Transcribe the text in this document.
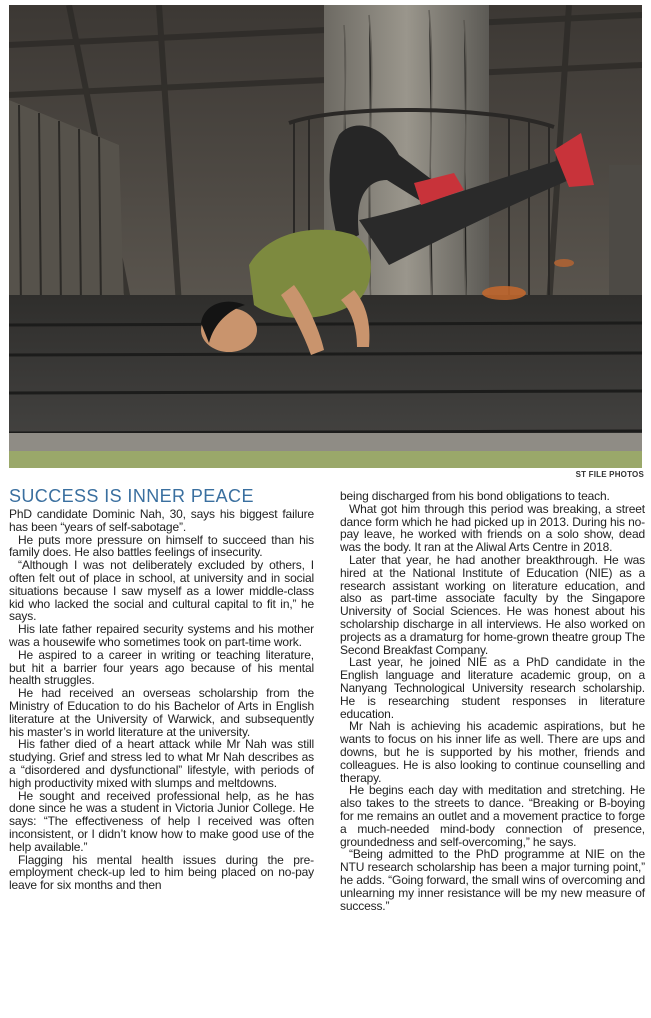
ST FILE PHOTOS
SUCCESS IS INNER PEACE

PhD candidate Dominic Nah, 30, says his biggest failure has been “years of self-sabotage”.

He puts more pressure on himself to succeed than his family does. He also battles feelings of insecurity.

“Although I was not deliberately excluded by others, I often felt out of place in school, at university and in social situations because I saw myself as a lower middle-class kid who lacked the social and cultural capital to fit in,” he says.

His late father repaired security systems and his mother was a housewife who sometimes took on part-time work.

He aspired to a career in writing or teaching literature, but hit a barrier four years ago because of his mental health struggles.

He had received an overseas scholarship from the Ministry of Education to do his Bachelor of Arts in English literature at the University of Warwick, and subsequently his master’s in world literature at the university.

His father died of a heart attack while Mr Nah was still studying. Grief and stress led to what Mr Nah describes as a “disordered and dysfunctional” lifestyle, with periods of high productivity mixed with slumps and meltdowns.

He sought and received professional help, as he has done since he was a student in Victoria Junior College. He says: “The effectiveness of help I received was often inconsistent, or I didn’t know how to make good use of the help available.”

Flagging his mental health issues during the pre-employment check-up led to him being placed on no-pay leave for six months and then

being discharged from his bond obligations to teach.

What got him through this period was breaking, a street dance form which he had picked up in 2013. During his no-pay leave, he worked with friends on a solo show, dead was the body. It ran at the Aliwal Arts Centre in 2018.

Later that year, he had another breakthrough. He was hired at the National Institute of Education (NIE) as a research assistant working on literature education, and also as part-time associate faculty by the Singapore University of Social Sciences. He was honest about his scholarship discharge in all interviews. He also worked on projects as a dramaturg for home-grown theatre group The Second Breakfast Company.

Last year, he joined NIE as a PhD candidate in the English language and literature academic group, on a Nanyang Technological University research scholarship. He is researching student responses in literature education.

Mr Nah is achieving his academic aspirations, but he wants to focus on his inner life as well. There are ups and downs, but he is supported by his mother, friends and colleagues. He is also looking to continue counselling and therapy.

He begins each day with meditation and stretching. He also takes to the streets to dance. “Breaking or B-boying for me remains an outlet and a movement practice to forge a much-needed mind-body connection of presence, groundedness and self-overcoming,” he says.

“Being admitted to the PhD programme at NIE on the NTU research scholarship has been a major turning point,” he adds. “Going forward, the small wins of overcoming and unlearning my inner resistance will be my new measure of success.”
